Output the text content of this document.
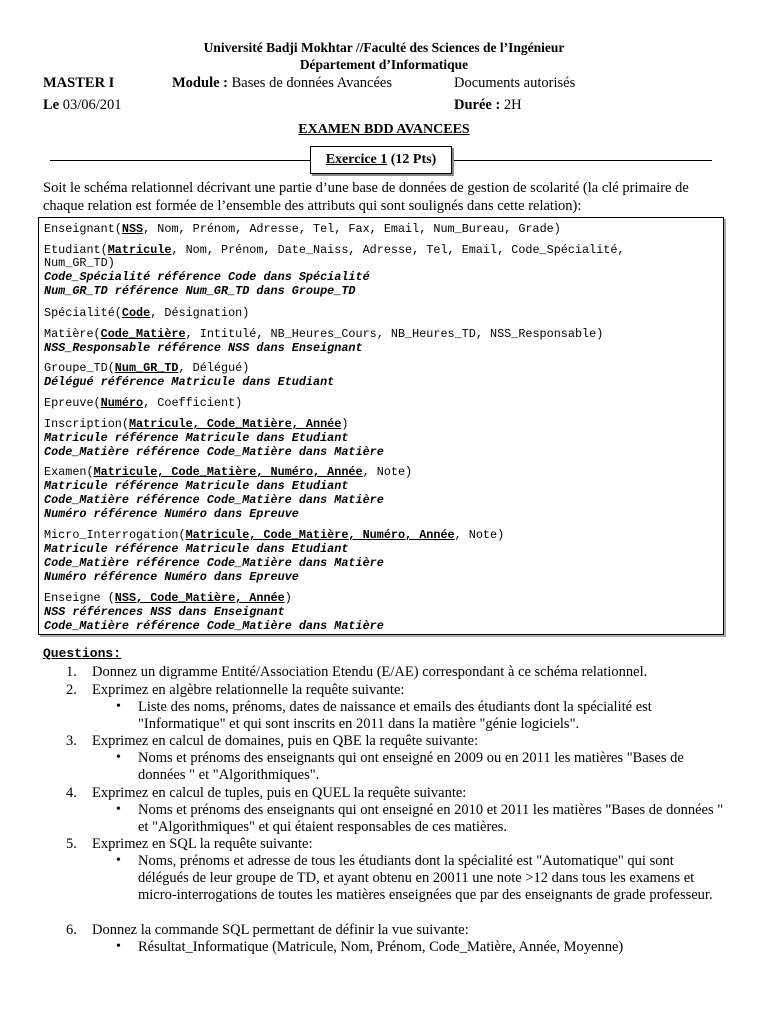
Université Badji Mokhtar //Faculté des Sciences de l’Ingénieur
Département d’Informatique
MASTER I	Module : Bases de données Avancées	Documents autorisés
Le 03/06/201	Durée : 2H
EXAMEN BDD AVANCEES
Exercice 1 (12 Pts)
Soit le schéma relationnel décrivant une partie d’une base de données de gestion de scolarité (la clé primaire de chaque relation est formée de l’ensemble des attributs qui sont soulignés dans cette relation):
Enseignant(NSS, Nom, Prénom, Adresse, Tel, Fax, Email, Num_Bureau, Grade)
Etudiant(Matricule, Nom, Prénom, Date_Naiss, Adresse, Tel, Email, Code_Spécialité,
Num_GR_TD)
Code_Spécialité référence Code dans Spécialité
Num_GR_TD référence Num_GR_TD dans Groupe_TD
Spécialité(Code, Désignation)
Matière(Code_Matière, Intitulé, NB_Heures_Cours, NB_Heures_TD, NSS_Responsable)
NSS_Responsable référence NSS dans Enseignant
Groupe_TD(Num_GR_TD, Délégué)
Délégué référence Matricule dans Etudiant
Epreuve(Numéro, Coefficient)
Inscription(Matricule, Code_Matière, Année)
Matricule référence Matricule dans Etudiant
Code_Matière référence Code_Matière dans Matière
Examen(Matricule, Code_Matière, Numéro, Année, Note)
Matricule référence Matricule dans Etudiant
Code_Matière référence Code_Matière dans Matière
Numéro référence Numéro dans Epreuve
Micro_Interrogation(Matricule, Code_Matière, Numéro, Année, Note)
Matricule référence Matricule dans Etudiant
Code_Matière référence Code_Matière dans Matière
Numéro référence Numéro dans Epreuve
Enseigne (NSS, Code_Matière, Année)
NSS références NSS dans Enseignant
Code_Matière référence Code_Matière dans Matière
Questions:
1. Donnez un digramme Entité/Association Etendu (E/AE) correspondant à ce schéma relationnel.
2. Exprimez en algèbre relationnelle la requête suivante:
• Liste des noms, prénoms, dates de naissance et emails des étudiants dont la spécialité est "Informatique" et qui sont inscrits en 2011 dans la matière "génie logiciels".
3. Exprimez en calcul de domaines, puis en QBE la requête suivante:
• Noms et prénoms des enseignants qui ont enseigné en 2009 ou en 2011 les matières "Bases de données " et "Algorithmiques".
4. Exprimez en calcul de tuples, puis en QUEL la requête suivante:
• Noms et prénoms des enseignants qui ont enseigné en 2010 et 2011 les matières "Bases de données " et "Algorithmiques" et qui étaient responsables de ces matières.
5. Exprimez en SQL la requête suivante:
• Noms, prénoms et adresse de tous les étudiants dont la spécialité est "Automatique" qui sont délégués de leur groupe de TD, et ayant obtenu en 20011 une note >12 dans tous les examens et micro-interrogations de toutes les matières enseignées que par des enseignants de grade professeur.
6. Donnez la commande SQL permettant de définir la vue suivante:
• Résultat_Informatique (Matricule, Nom, Prénom, Code_Matière, Année, Moyenne)
